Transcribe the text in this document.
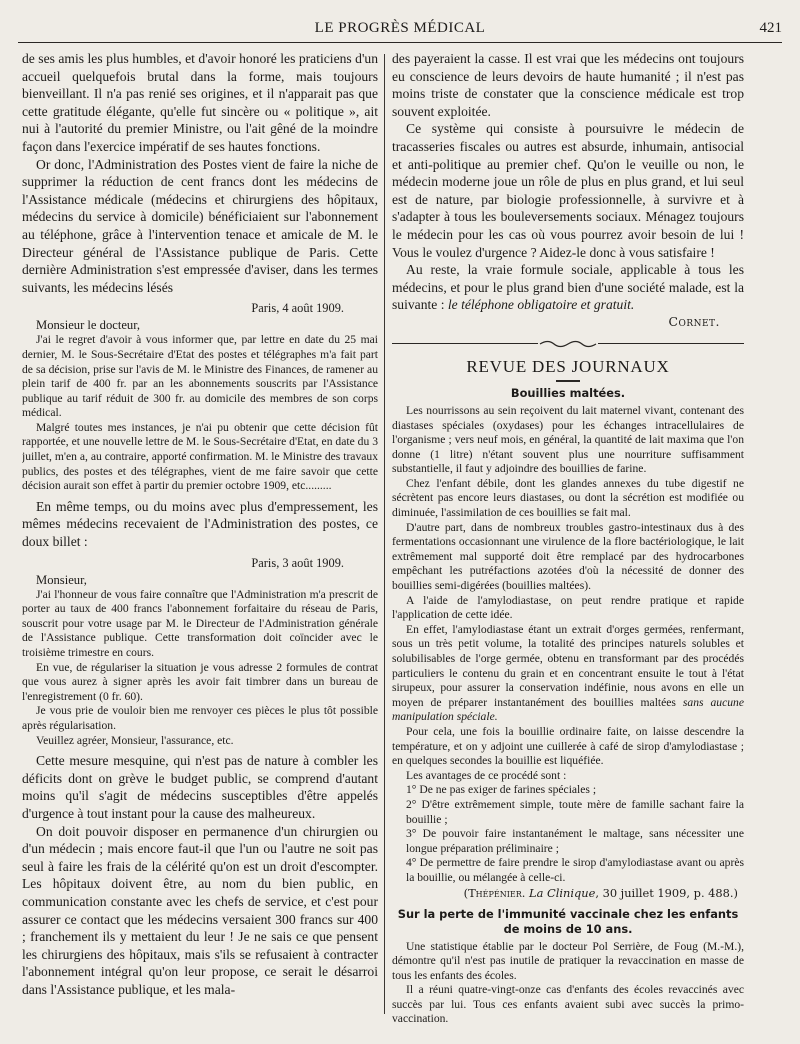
LE PROGRÈS MÉDICAL	421

de ses amis les plus humbles, et d'avoir honoré les praticiens d'un accueil quelquefois brutal dans la forme, mais toujours bienveillant. Il n'a pas renié ses origines, et il n'apparait pas que cette gratitude élégante, qu'elle fut sincère ou « politique », ait nui à l'autorité du premier Ministre, ou l'ait gêné de la moindre façon dans l'exercice impératif de ses hautes fonctions.

Or donc, l'Administration des Postes vient de faire la niche de supprimer la réduction de cent francs dont les médecins de l'Assistance médicale (médecins et chirurgiens des hôpitaux, médecins du service à domicile) bénéficiaient sur l'abonnement au téléphone, grâce à l'intervention tenace et amicale de M. le Directeur général de l'Assistance publique de Paris. Cette dernière Administration s'est empressée d'aviser, dans les termes suivants, les médecins lésés

Paris, 4 août 1909.
Monsieur le docteur,

J'ai le regret d'avoir à vous informer que, par lettre en date du 25 mai dernier, M. le Sous-Secrétaire d'Etat des postes et télégraphes m'a fait part de sa décision, prise sur l'avis de M. le Ministre des Finances, de ramener au plein tarif de 400 fr. par an les abonnements souscrits par l'Assistance publique au tarif réduit de 300 fr. au domicile des membres de son corps médical.

Malgré toutes mes instances, je n'ai pu obtenir que cette décision fût rapportée, et une nouvelle lettre de M. le Sous-Secrétaire d'Etat, en date du 3 juillet, m'en a, au contraire, apporté confirmation. M. le Ministre des travaux publics, des postes et des télégraphes, vient de me faire savoir que cette décision aurait son effet à partir du premier octobre 1909, etc.........

En même temps, ou du moins avec plus d'empressement, les mêmes médecins recevaient de l'Administration des postes, ce doux billet :

Paris, 3 août 1909.
Monsieur,

J'ai l'honneur de vous faire connaître que l'Administration m'a prescrit de porter au taux de 400 francs l'abonnement forfaitaire du réseau de Paris, souscrit pour votre usage par M. le Directeur de l'Administration générale de l'Assistance publique. Cette transformation doit coïncider avec le troisième trimestre en cours.

En vue, de régulariser la situation je vous adresse 2 formules de contrat que vous aurez à signer après les avoir fait timbrer dans un bureau de l'enregistrement (0 fr. 60).

Je vous prie de vouloir bien me renvoyer ces pièces le plus tôt possible après régularisation.

Veuillez agréer, Monsieur, l'assurance, etc.

Cette mesure mesquine, qui n'est pas de nature à combler les déficits dont on grève le budget public, se comprend d'autant moins qu'il s'agit de médecins susceptibles d'être appelés d'urgence à tout instant pour la cause des malheureux.

On doit pouvoir disposer en permanence d'un chirurgien ou d'un médecin ; mais encore faut-il que l'un ou l'autre ne soit pas seul à faire les frais de la célérité qu'on est un droit d'escompter. Les hôpitaux doivent être, au nom du bien public, en communication constante avec les chefs de service, et c'est pour assurer ce contact que les médecins versaient 300 francs sur 400 ; franchement ils y mettaient du leur ! Je ne sais ce que pensent les chirurgiens des hôpitaux, mais s'ils se refusaient à contracter l'abonnement intégral qu'on leur propose, ce serait le désarroi dans l'Assistance publique, et les mala-

des payeraient la casse. Il est vrai que les médecins ont toujours eu conscience de leurs devoirs de haute humanité ; il n'est pas moins triste de constater que la conscience médicale est trop souvent exploitée.

Ce système qui consiste à poursuivre le médecin de tracasseries fiscales ou autres est absurde, inhumain, antisocial et anti-politique au premier chef. Qu'on le veuille ou non, le médecin moderne joue un rôle de plus en plus grand, et lui seul est de nature, par biologie professionnelle, à survivre et à s'adapter à tous les bouleversements sociaux. Ménagez toujours le médecin pour les cas où vous pourrez avoir besoin de lui ! Vous le voulez d'urgence ? Aidez-le donc à vous satisfaire !

Au reste, la vraie formule sociale, applicable à tous les médecins, et pour le plus grand bien d'une société malade, est la suivante : le téléphone obligatoire et gratuit.

Cornet.
REVUE DES JOURNAUX
Bouillies maltées.

Les nourrissons au sein reçoivent du lait maternel vivant, contenant des diastases spéciales (oxydases) pour les échanges intracellulaires de l'organisme ; vers neuf mois, en général, la quantité de lait maxima que l'on donne (1 litre) n'étant souvent plus une nourriture suffisamment substantielle, il faut y adjoindre des bouillies de farine.

Chez l'enfant débile, dont les glandes annexes du tube digestif ne sécrètent pas encore leurs diastases, ou dont la sécrétion est modifiée ou diminuée, l'assimilation de ces bouillies se fait mal.

D'autre part, dans de nombreux troubles gastro-intestinaux dus à des fermentations occasionnant une virulence de la flore bactériologique, le lait extrêmement mal supporté doit être remplacé par des hydrocarbones empêchant les putréfactions azotées d'où la nécessité de donner des bouillies semi-digérées (bouillies maltées).

A l'aide de l'amylodiastase, on peut rendre pratique et rapide l'application de cette idée.

En effet, l'amylodiastase étant un extrait d'orges germées, renfermant, sous un très petit volume, la totalité des principes naturels solubles et solubilisables de l'orge germée, obtenu en transformant par des procédés particuliers le contenu du grain et en concentrant ensuite le tout à l'état sirupeux, pour assurer la conservation indéfinie, nous avons en elle un moyen de préparer instantanément des bouillies maltées sans aucune manipulation spéciale.

Pour cela, une fois la bouillie ordinaire faite, on laisse descendre la température, et on y adjoint une cuillerée à café de sirop d'amylodiastase ; en quelques secondes la bouillie est liquéfiée.

Les avantages de ce procédé sont :

1° De ne pas exiger de farines spéciales ;

2° D'être extrêmement simple, toute mère de famille sachant faire la bouillie ;

3° De pouvoir faire instantanément le maltage, sans nécessiter une longue préparation préliminaire ;

4° De permettre de faire prendre le sirop d'amylodiastase avant ou après la bouillie, ou mélangée à celle-ci.

(Thépénier. La Clinique, 30 juillet 1909, p. 488.)
Sur la perte de l'immunité vaccinale chez les enfants de moins de 10 ans.

Une statistique établie par le docteur Pol Serrière, de Foug (M.-M.), démontre qu'il n'est pas inutile de pratiquer la revaccination en masse de tous les enfants des écoles.

Il a réuni quatre-vingt-onze cas d'enfants des écoles revaccinés avec succès par lui. Tous ces enfants avaient subi avec succès la primo-vaccination.
